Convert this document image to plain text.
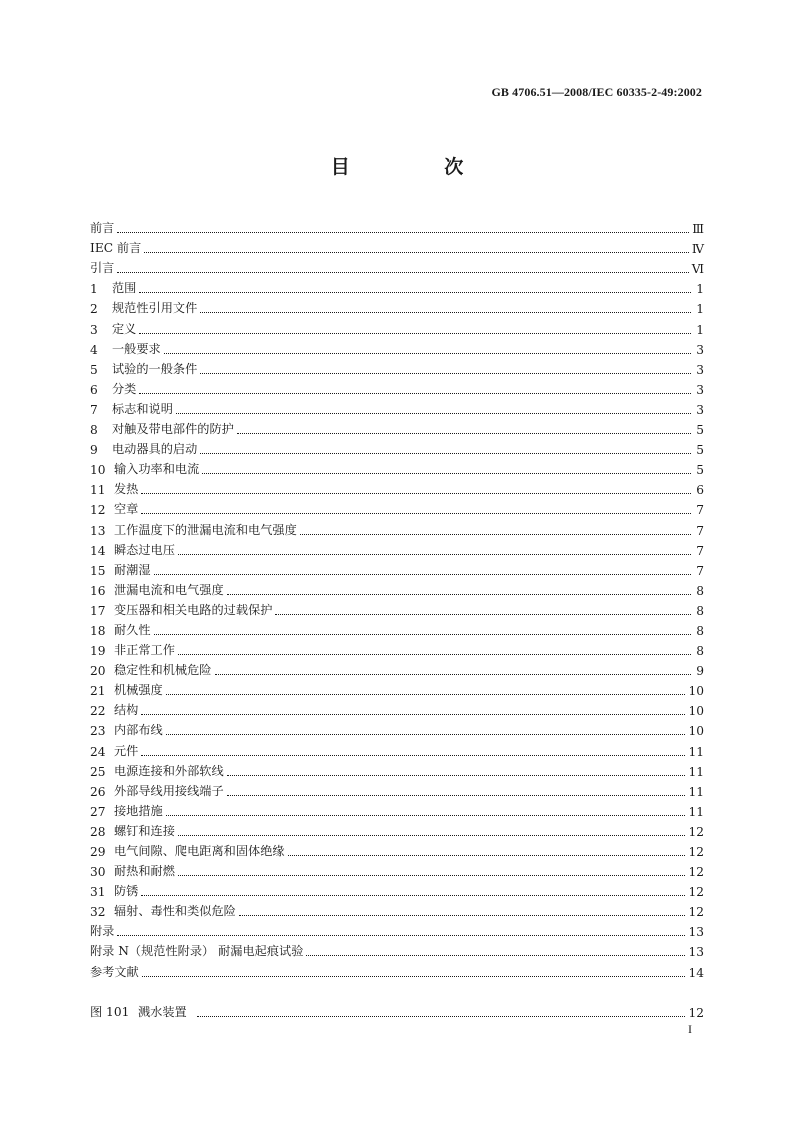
GB 4706.51—2008/IEC 60335-2-49:2002
目 次
前言	Ⅲ
IEC 前言	Ⅳ
引言	Ⅵ
1	范围	1
2	规范性引用文件	1
3	定义	1
4	一般要求	3
5	试验的一般条件	3
6	分类	3
7	标志和说明	3
8	对触及带电部件的防护	5
9	电动器具的启动	5
10 输入功率和电流	5
11 发热	6
12 空章	7
13 工作温度下的泄漏电流和电气强度	7
14 瞬态过电压	7
15 耐潮湿	7
16 泄漏电流和电气强度	8
17 变压器和相关电路的过载保护	8
18 耐久性	8
19 非正常工作	8
20 稳定性和机械危险	9
21 机械强度	10
22 结构	10
23 内部布线	10
24 元件	11
25 电源连接和外部软线	11
26 外部导线用接线端子	11
27 接地措施	11
28 螺钉和连接	12
29 电气间隙、爬电距离和固体绝缘	12
30 耐热和耐燃	12
31 防锈	12
32 辐射、毒性和类似危险	12
附录	13
附录 N（规范性附录） 耐漏电起痕试验	13
参考文献	14
图 101 溅水装置	12
I
